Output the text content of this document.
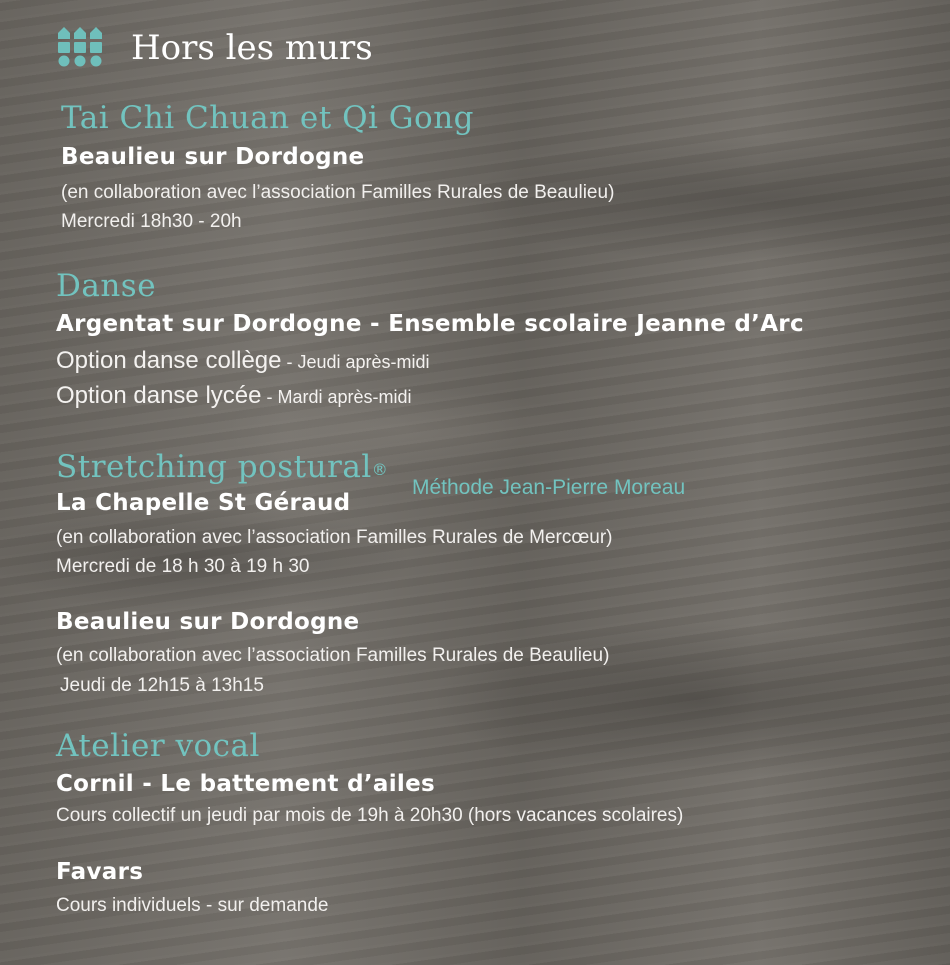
Hors les murs
Tai Chi Chuan et Qi Gong
Beaulieu sur Dordogne
(en collaboration avec l’association Familles Rurales de Beaulieu)
Mercredi 18h30 - 20h
Danse
Argentat sur Dordogne - Ensemble scolaire Jeanne d’Arc
Option danse collège - Jeudi après-midi
Option danse lycée - Mardi après-midi
Stretching postural®
Méthode Jean-Pierre Moreau
La Chapelle St Géraud
(en collaboration avec l’association Familles Rurales de Mercœur)
Mercredi de 18 h 30 à 19 h 30
Beaulieu sur Dordogne
(en collaboration avec l’association Familles Rurales de Beaulieu)
Jeudi de 12h15 à 13h15
Atelier vocal
Cornil - Le battement d’ailes
Cours collectif un jeudi par mois de 19h à 20h30 (hors vacances scolaires)
Favars
Cours individuels - sur demande
